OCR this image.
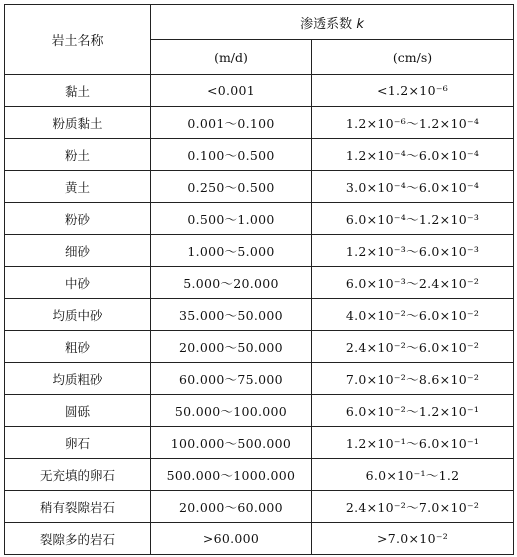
岩土名称	渗透系数 k	
	(m/d)	(cm/s)
黏土	<0.001	<1.2×10⁻⁶
粉质黏土	0.001～0.100	1.2×10⁻⁶～1.2×10⁻⁴
粉土	0.100～0.500	1.2×10⁻⁴～6.0×10⁻⁴
黄土	0.250～0.500	3.0×10⁻⁴～6.0×10⁻⁴
粉砂	0.500～1.000	6.0×10⁻⁴～1.2×10⁻³
细砂	1.000～5.000	1.2×10⁻³～6.0×10⁻³
中砂	5.000～20.000	6.0×10⁻³～2.4×10⁻²
均质中砂	35.000～50.000	4.0×10⁻²～6.0×10⁻²
粗砂	20.000～50.000	2.4×10⁻²～6.0×10⁻²
均质粗砂	60.000～75.000	7.0×10⁻²～8.6×10⁻²
圆砾	50.000～100.000	6.0×10⁻²～1.2×10⁻¹
卵石	100.000～500.000	1.2×10⁻¹～6.0×10⁻¹
无充填的卵石	500.000～1000.000	6.0×10⁻¹～1.2
稍有裂隙岩石	20.000～60.000	2.4×10⁻²～7.0×10⁻²
裂隙多的岩石	>60.000	>7.0×10⁻²
